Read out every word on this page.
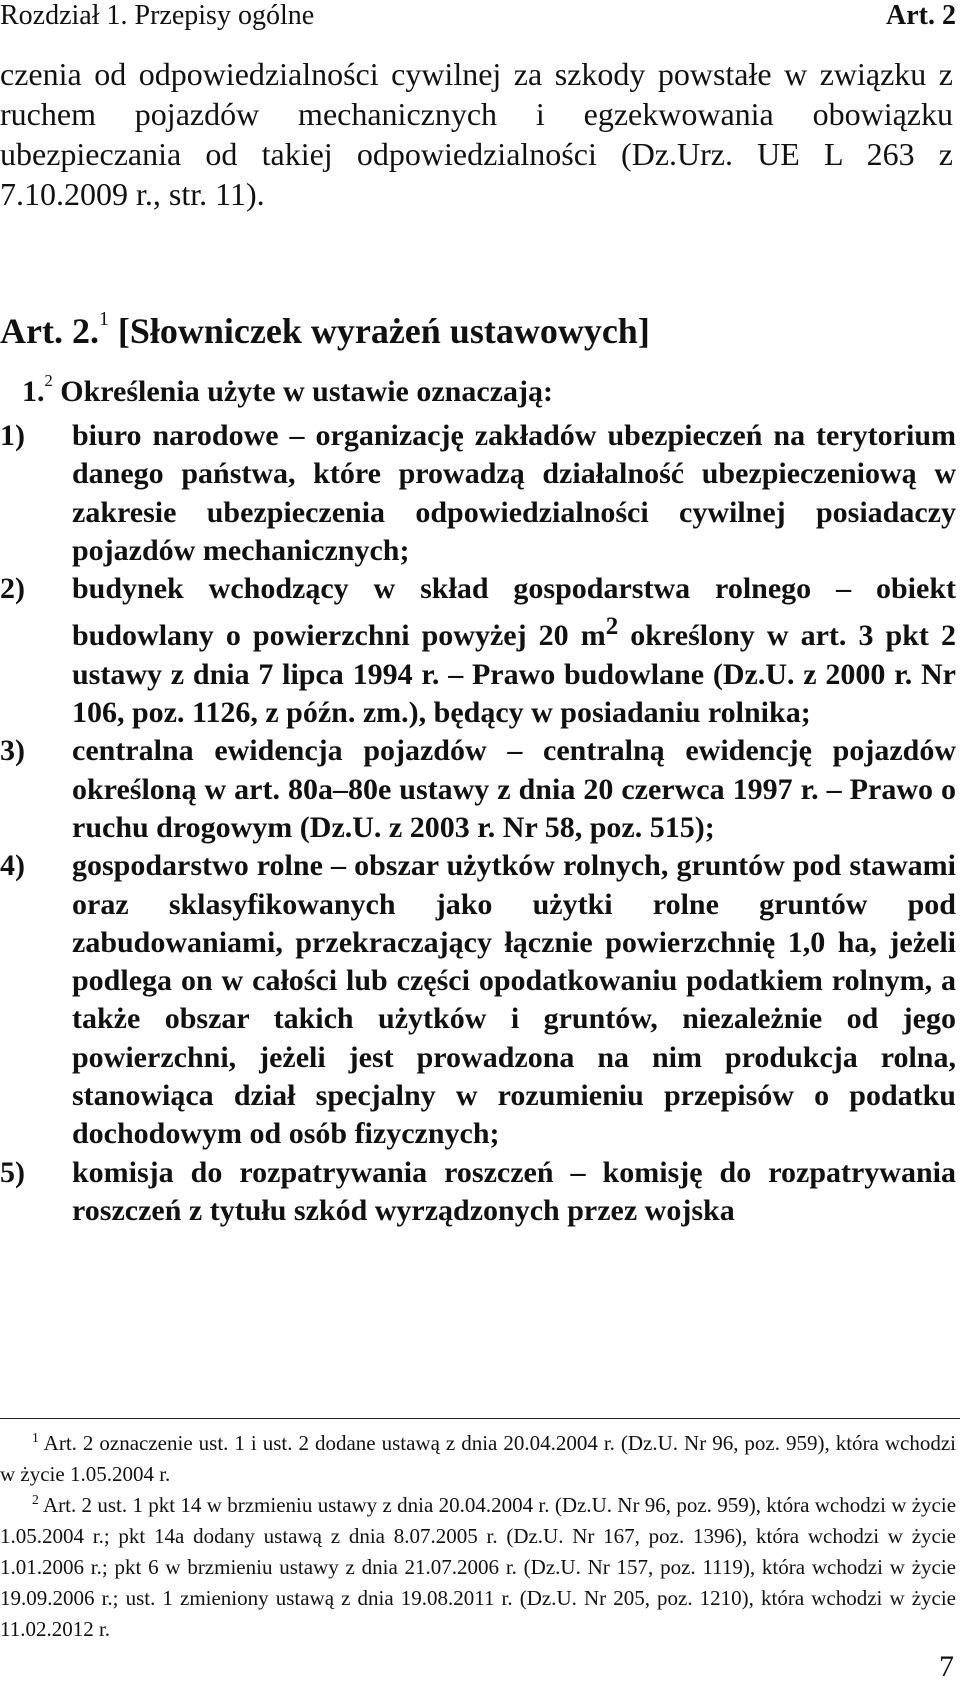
Rozdział 1. Przepisy ogólne	Art. 2
czenia od odpowiedzialności cywilnej za szkody powstałe w związku z ruchem pojazdów mechanicznych i egzekwowania obowiązku ubezpieczania od takiej odpowiedzialności (Dz.Urz. UE L 263 z 7.10.2009 r., str. 11).
Art. 2.$^1$ [Słowniczek wyrażeń ustawowych]
1.$^2$ Określenia użyte w ustawie oznaczają:
1) biuro narodowe – organizację zakładów ubezpieczeń na terytorium danego państwa, które prowadzą działalność ubezpieczeniową w zakresie ubezpieczenia odpowiedzialności cywilnej posiadaczy pojazdów mechanicznych;
2) budynek wchodzący w skład gospodarstwa rolnego – obiekt budowlany o powierzchni powyżej 20 $m^2$ określony w art. 3 pkt 2 ustawy z dnia 7 lipca 1994 r. – Prawo budowlane (Dz.U. z 2000 r. Nr 106, poz. 1126, z późn. zm.), będący w posiadaniu rolnika;
3) centralna ewidencja pojazdów – centralną ewidencję pojazdów określoną w art. 80a–80e ustawy z dnia 20 czerwca 1997 r. – Prawo o ruchu drogowym (Dz.U. z 2003 r. Nr 58, poz. 515);
4) gospodarstwo rolne – obszar użytków rolnych, gruntów pod stawami oraz sklasyfikowanych jako użytki rolne gruntów pod zabudowaniami, przekraczający łącznie powierzchnię 1,0 ha, jeżeli podlega on w całości lub części opodatkowaniu podatkiem rolnym, a także obszar takich użytków i gruntów, niezależnie od jego powierzchni, jeżeli jest prowadzona na nim produkcja rolna, stanowiąca dział specjalny w rozumieniu przepisów o podatku dochodowym od osób fizycznych;
5) komisja do rozpatrywania roszczeń – komisję do rozpatrywania roszczeń z tytułu szkód wyrządzonych przez wojska
$^1$ Art. 2 oznaczenie ust. 1 i ust. 2 dodane ustawą z dnia 20.04.2004 r. (Dz.U. Nr 96, poz. 959), która wchodzi w życie 1.05.2004 r.
$^2$ Art. 2 ust. 1 pkt 14 w brzmieniu ustawy z dnia 20.04.2004 r. (Dz.U. Nr 96, poz. 959), która wchodzi w życie 1.05.2004 r.; pkt 14a dodany ustawą z dnia 8.07.2005 r. (Dz.U. Nr 167, poz. 1396), która wchodzi w życie 1.01.2006 r.; pkt 6 w brzmieniu ustawy z dnia 21.07.2006 r. (Dz.U. Nr 157, poz. 1119), która wchodzi w życie 19.09.2006 r.; ust. 1 zmieniony ustawą z dnia 19.08.2011 r. (Dz.U. Nr 205, poz. 1210), która wchodzi w życie 11.02.2012 r.
7
